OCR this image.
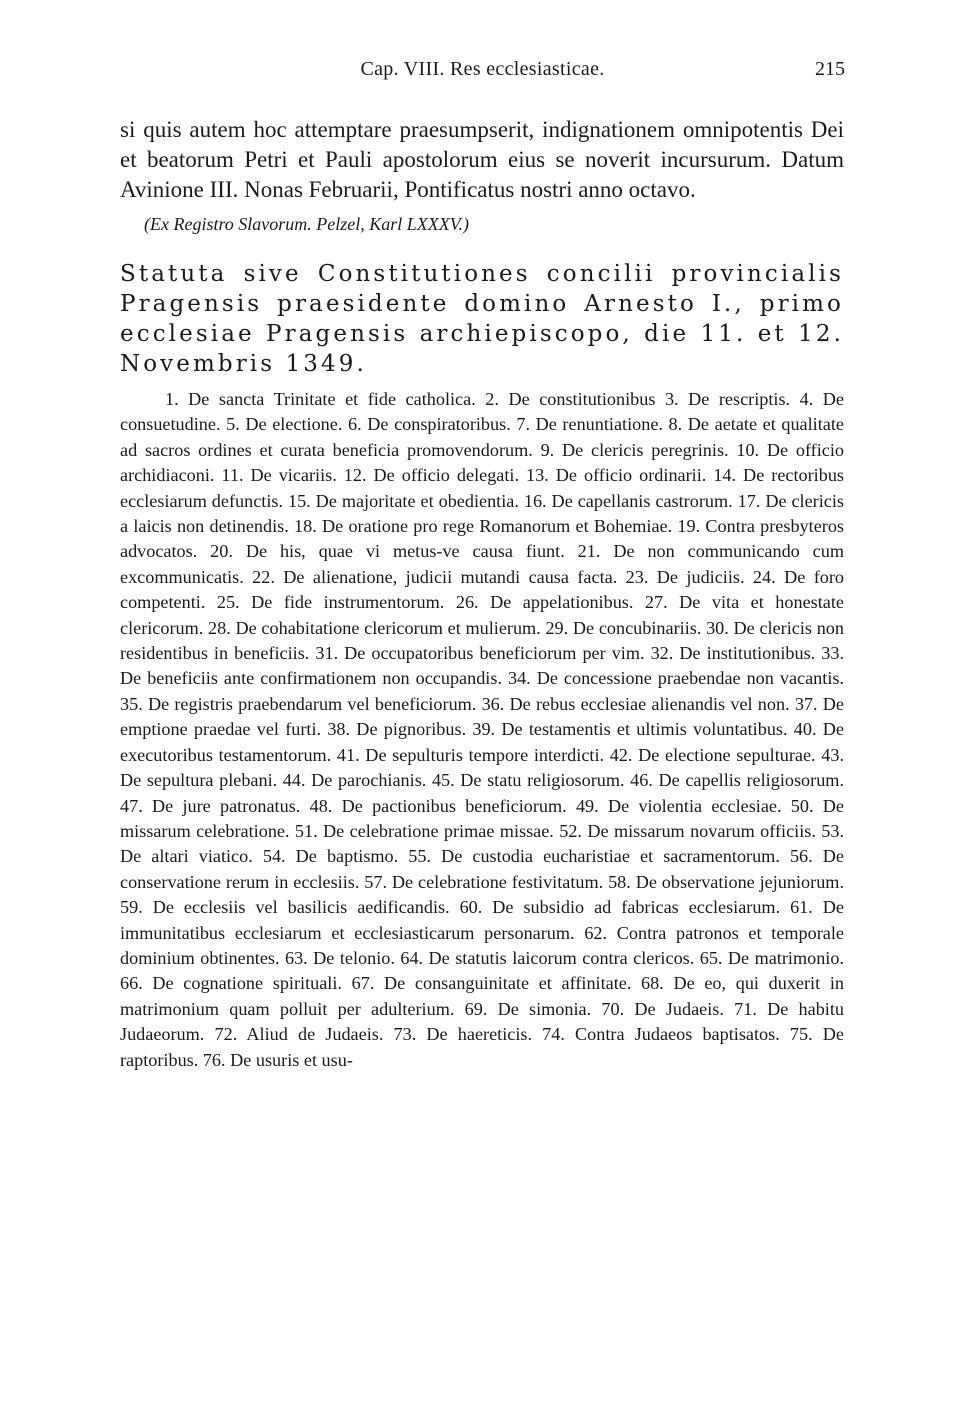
Cap. VIII. Res ecclesiasticae.	215

si quis autem hoc attemptare praesumpserit, indignationem omnipotentis Dei et beatorum Petri et Pauli apostolorum eius se noverit incursurum. Datum Avinione III. Nonas Februarii, Pontificatus nostri anno octavo.

(Ex Registro Slavorum. Pelzel, Karl LXXXV.)

Statuta sive Constitutiones concilii provincialis Pragensis praesidente domino Arnesto I., primo ecclesiae Pragensis archiepiscopo, die 11. et 12. Novembris 1349.

1. De sancta Trinitate et fide catholica. 2. De constitutionibus 3. De rescriptis. 4. De consuetudine. 5. De electione. 6. De conspiratoribus. 7. De renuntiatione. 8. De aetate et qualitate ad sacros ordines et curata beneficia promovendorum. 9. De clericis peregrinis. 10. De officio archidiaconi. 11. De vicariis. 12. De officio delegati. 13. De officio ordinarii. 14. De rectoribus ecclesiarum defunctis. 15. De majoritate et obedientia. 16. De capellanis castrorum. 17. De clericis a laicis non detinendis. 18. De oratione pro rege Romanorum et Bohemiae. 19. Contra presbyteros advocatos. 20. De his, quae vi metus-ve causa fiunt. 21. De non communicando cum excommunicatis. 22. De alienatione, judicii mutandi causa facta. 23. De judiciis. 24. De foro competenti. 25. De fide instrumentorum. 26. De appelationibus. 27. De vita et honestate clericorum. 28. De cohabitatione clericorum et mulierum. 29. De concubinariis. 30. De clericis non residentibus in beneficiis. 31. De occupatoribus beneficiorum per vim. 32. De institutionibus. 33. De beneficiis ante confirmationem non occupandis. 34. De concessione praebendae non vacantis. 35. De registris praebendarum vel beneficiorum. 36. De rebus ecclesiae alienandis vel non. 37. De emptione praedae vel furti. 38. De pignoribus. 39. De testamentis et ultimis voluntatibus. 40. De executoribus testamentorum. 41. De sepulturis tempore interdicti. 42. De electione sepulturae. 43. De sepultura plebani. 44. De parochianis. 45. De statu religiosorum. 46. De capellis religiosorum. 47. De jure patronatus. 48. De pactionibus beneficiorum. 49. De violentia ecclesiae. 50. De missarum celebratione. 51. De celebratione primae missae. 52. De missarum novarum officiis. 53. De altari viatico. 54. De baptismo. 55. De custodia eucharistiae et sacramentorum. 56. De conservatione rerum in ecclesiis. 57. De celebratione festivitatum. 58. De observatione jejuniorum. 59. De ecclesiis vel basilicis aedificandis. 60. De subsidio ad fabricas ecclesiarum. 61. De immunitatibus ecclesiarum et ecclesiasticarum personarum. 62. Contra patronos et temporale dominium obtinentes. 63. De telonio. 64. De statutis laicorum contra clericos. 65. De matrimonio. 66. De cognatione spirituali. 67. De consanguinitate et affinitate. 68. De eo, qui duxerit in matrimonium quam polluit per adulterium. 69. De simonia. 70. De Judaeis. 71. De habitu Judaeorum. 72. Aliud de Judaeis. 73. De haereticis. 74. Contra Judaeos baptisatos. 75. De raptoribus. 76. De usuris et usu-
